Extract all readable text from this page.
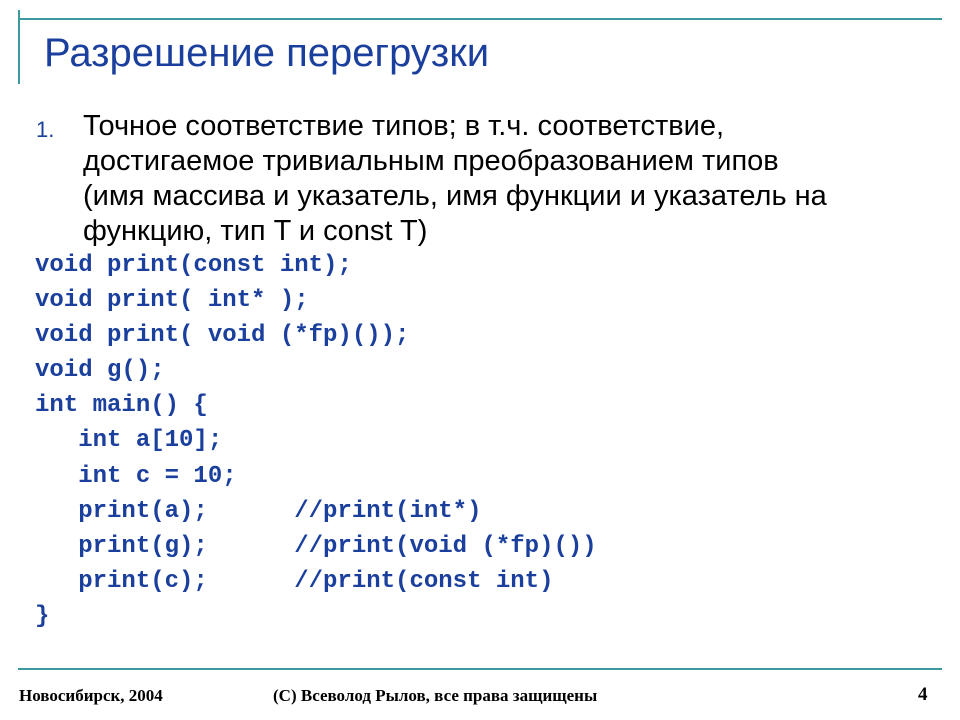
Разрешение перегрузки
1. Точное соответствие типов; в т.ч. соответствие,
достигаемое тривиальным преобразованием типов
(имя массива и указатель, имя функции и указатель на
функцию, тип T и const T)
void print(const int);
void print( int* );
void print( void (*fp)());
void g();
int main() {
int a[10];
int c = 10;
print(a);      //print(int*)
print(g);      //print(void (*fp)())
print(c);      //print(const int)
}
Новосибирск, 2004	(C) Всеволод Рылов, все права защищены	4
